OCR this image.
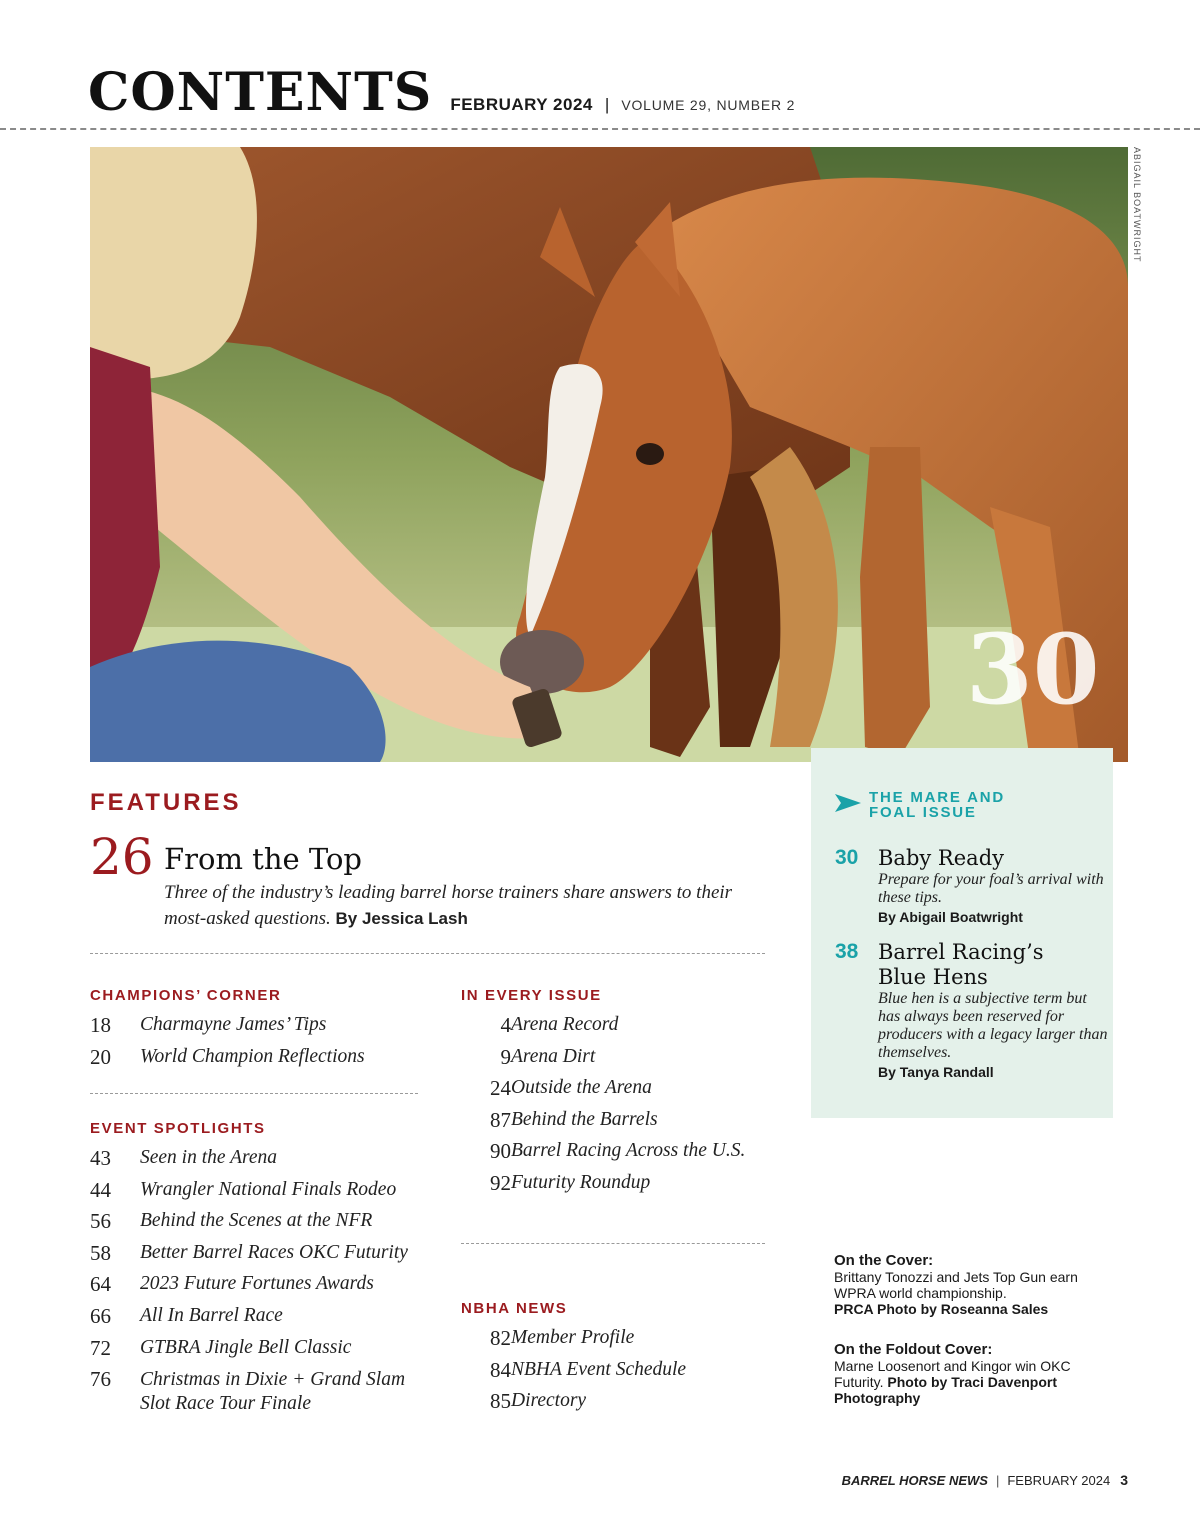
CONTENTS FEBRUARY 2024 | VOLUME 29, NUMBER 2
ABIGAIL BOATWRIGHT
30
FEATURES
26 From the Top
Three of the industry’s leading barrel horse trainers share answers to their most-asked questions. By Jessica Lash
THE MARE AND
FOAL ISSUE
30 Baby Ready
Prepare for your foal’s arrival with these tips.
By Abigail Boatwright
38 Barrel Racing’s Blue Hens
Blue hen is a subjective term but has always been reserved for producers with a legacy larger than themselves.
By Tanya Randall
CHAMPIONS’ CORNER
18 Charmayne James’ Tips
20 World Champion Reflections
EVENT SPOTLIGHTS
43 Seen in the Arena
44 Wrangler National Finals Rodeo
56 Behind the Scenes at the NFR
58 Better Barrel Races OKC Futurity
64 2023 Future Fortunes Awards
66 All In Barrel Race
72 GTBRA Jingle Bell Classic
76 Christmas in Dixie + Grand Slam Slot Race Tour Finale
IN EVERY ISSUE
4 Arena Record
9 Arena Dirt
24 Outside the Arena
87 Behind the Barrels
90 Barrel Racing Across the U.S.
92 Futurity Roundup
NBHA NEWS
82 Member Profile
84 NBHA Event Schedule
85 Directory
On the Cover:
Brittany Tonozzi and Jets Top Gun earn WPRA world championship.
PRCA Photo by Roseanna Sales
On the Foldout Cover:
Marne Loosenort and Kingor win OKC Futurity. Photo by Traci Davenport Photography
BARREL HORSE NEWS | FEBRUARY 2024 3
